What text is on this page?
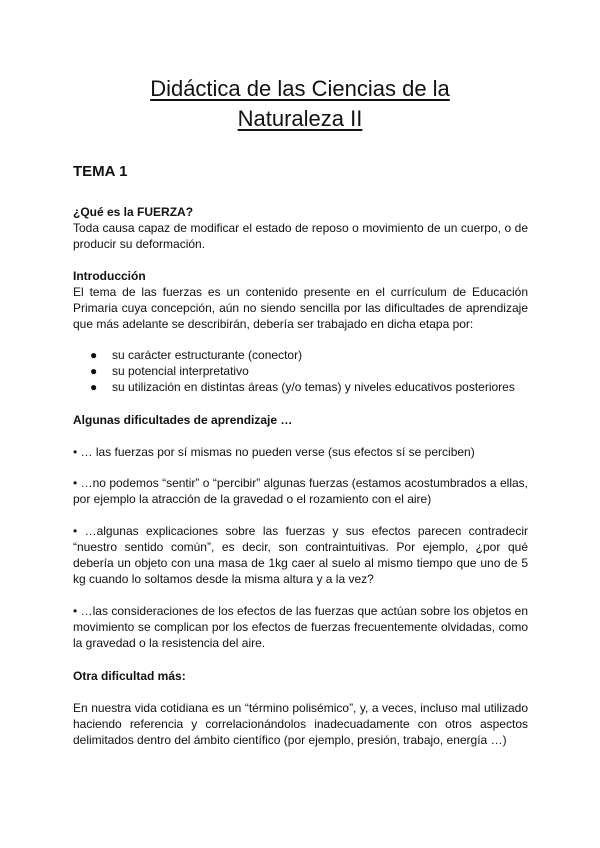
Didáctica de las Ciencias de la
Naturaleza II
TEMA 1
¿Qué es la FUERZA?
Toda causa capaz de modificar el estado de reposo o movimiento de un cuerpo, o de producir su deformación.
Introducción
El tema de las fuerzas es un contenido presente en el currículum de Educación Primaria cuya concepción, aún no siendo sencilla por las dificultades de aprendizaje que más adelante se describirán, debería ser trabajado en dicha etapa por:
● su carácter estructurante (conector)
● su potencial interpretativo
● su utilización en distintas áreas (y/o temas) y niveles educativos posteriores
Algunas dificultades de aprendizaje …
• … las fuerzas por sí mismas no pueden verse (sus efectos sí se perciben)
• …no podemos “sentir” o “percibir” algunas fuerzas (estamos acostumbrados a ellas, por ejemplo la atracción de la gravedad o el rozamiento con el aire)
• …algunas explicaciones sobre las fuerzas y sus efectos parecen contradecir “nuestro sentido común”, es decir, son contraintuitivas. Por ejemplo, ¿por qué debería un objeto con una masa de 1kg caer al suelo al mismo tiempo que uno de 5 kg cuando lo soltamos desde la misma altura y a la vez?
• …las consideraciones de los efectos de las fuerzas que actúan sobre los objetos en movimiento se complican por los efectos de fuerzas frecuentemente olvidadas, como la gravedad o la resistencia del aire.
Otra dificultad más:
En nuestra vida cotidiana es un “término polisémico”, y, a veces, incluso mal utilizado haciendo referencia y correlacionándolos inadecuadamente con otros aspectos delimitados dentro del ámbito científico (por ejemplo, presión, trabajo, energía …)
